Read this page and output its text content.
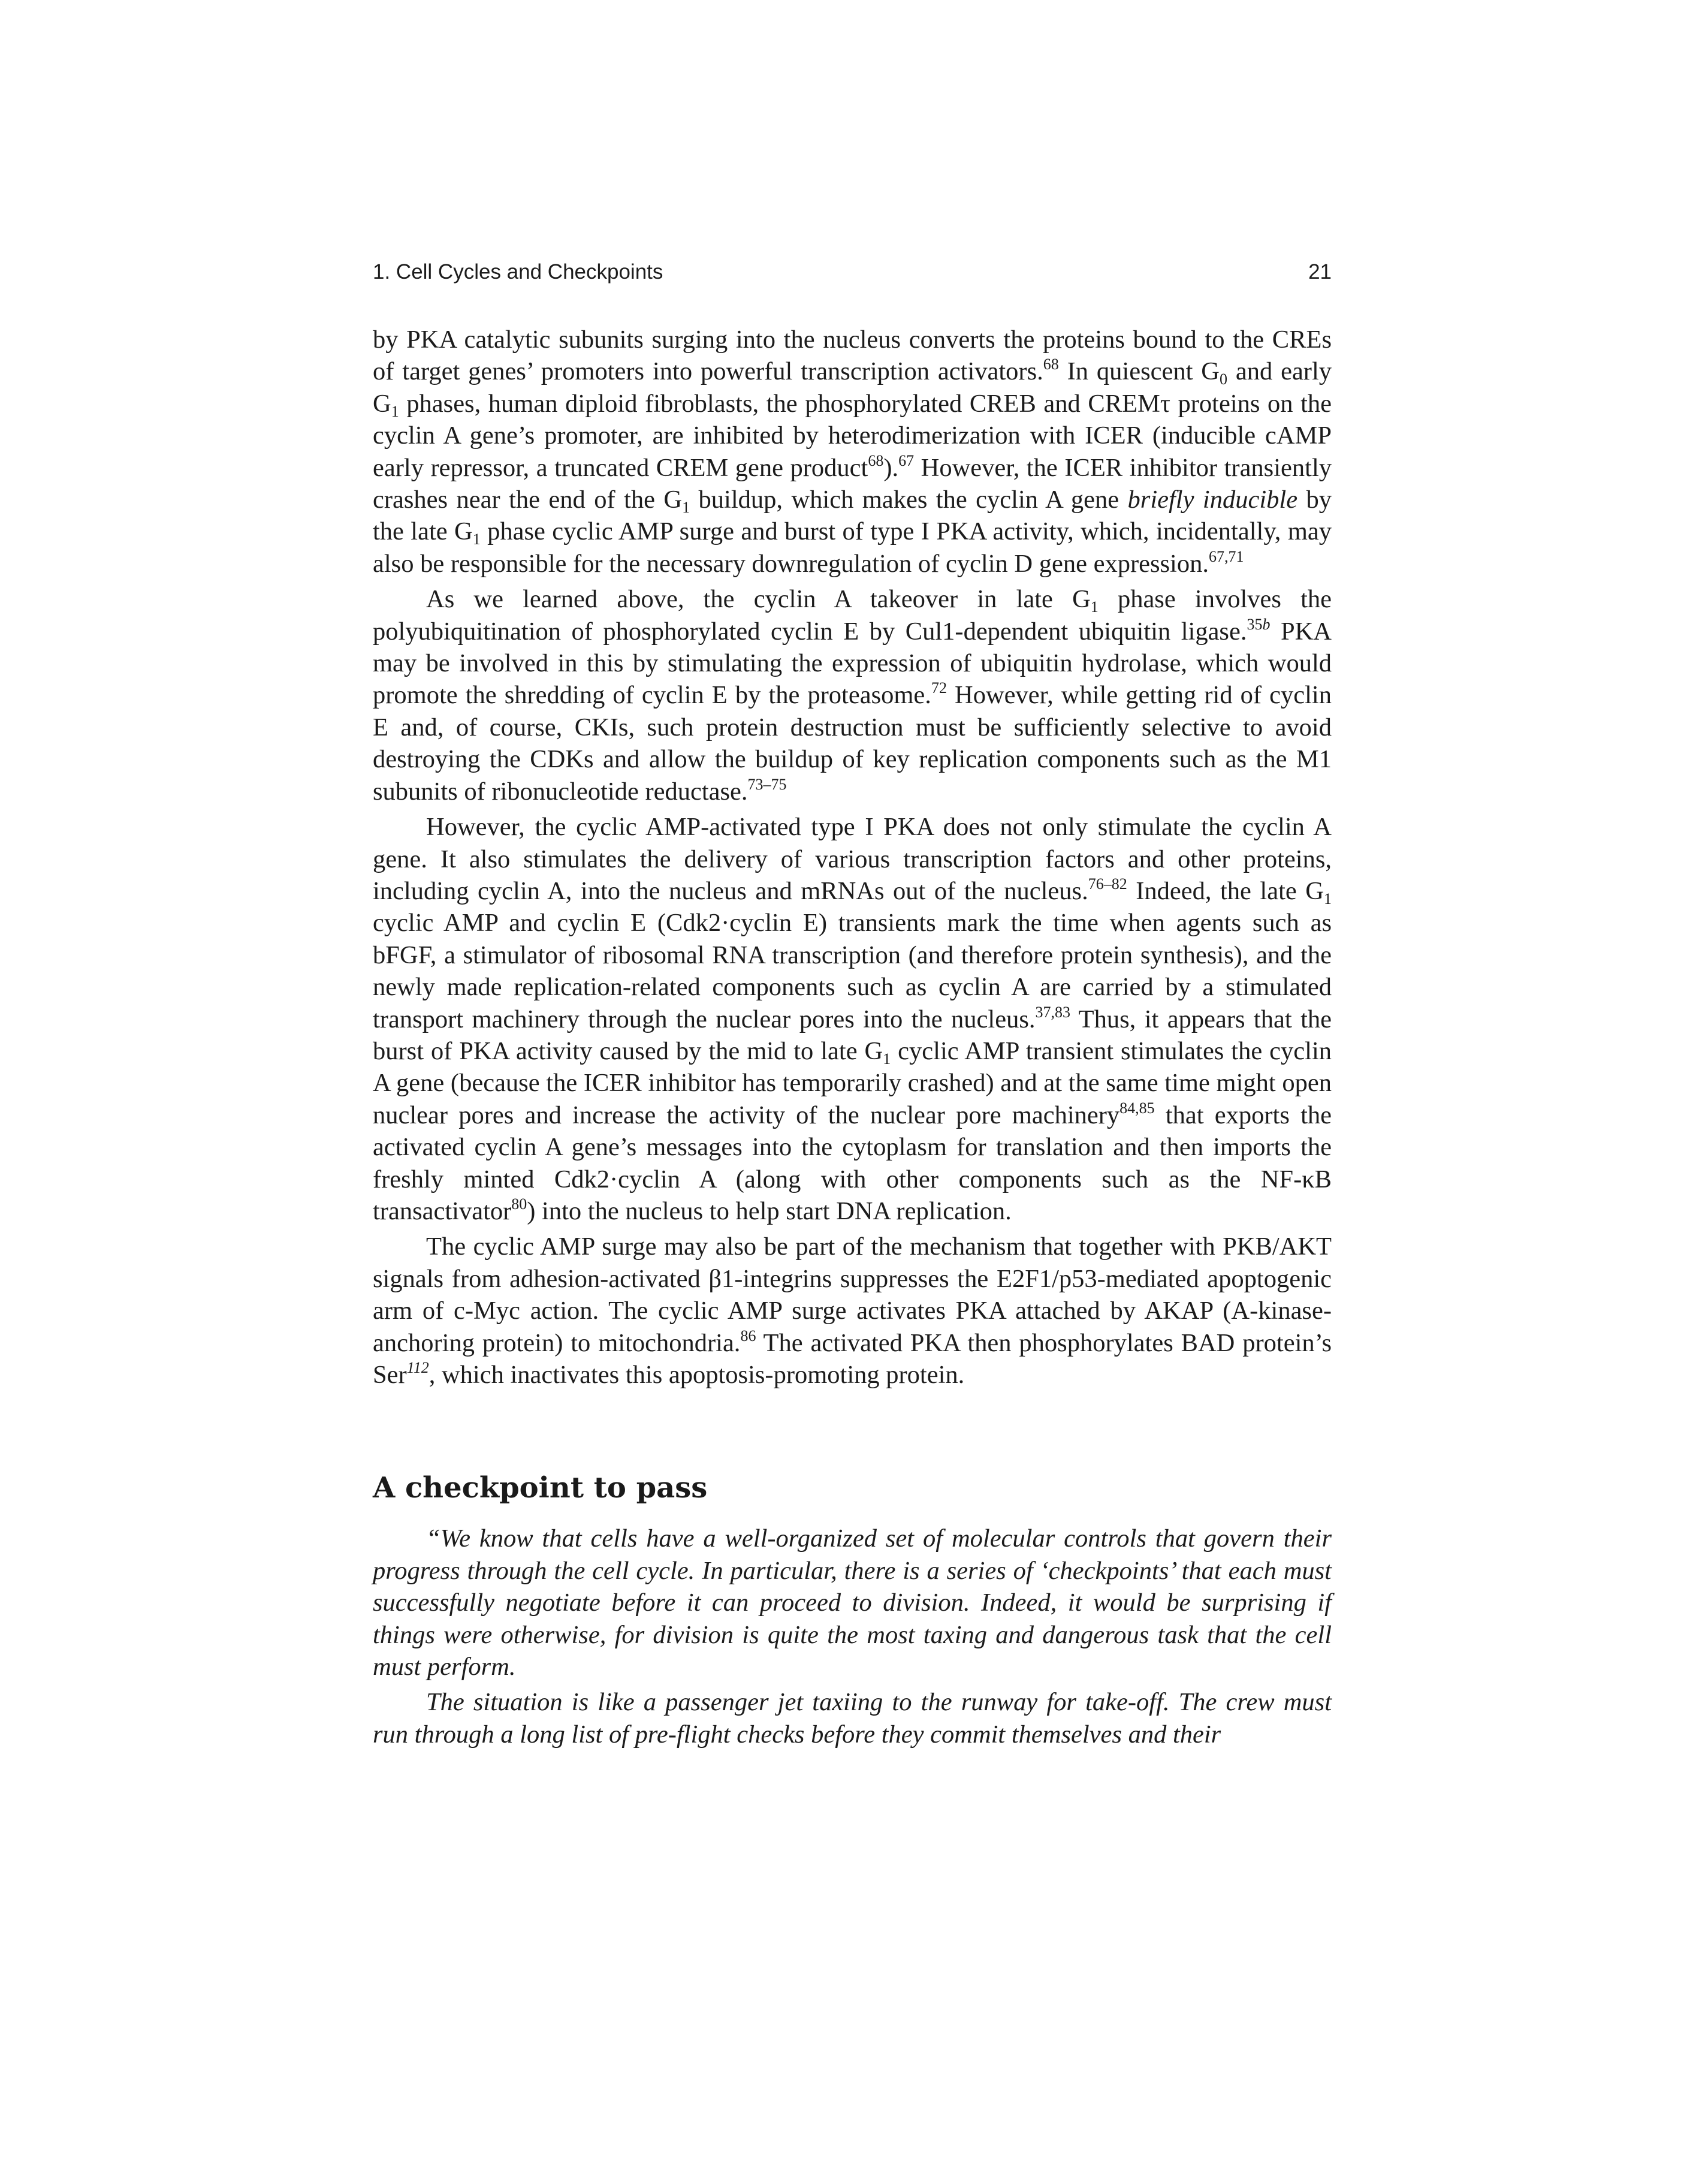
1. Cell Cycles and Checkpoints	21

by PKA catalytic subunits surging into the nucleus converts the proteins bound to the CREs of target genes’ promoters into powerful transcription activators.$^{68}$ In quiescent $G_0$ and early $G_1$ phases, human diploid fibroblasts, the phosphorylated CREB and CREMτ proteins on the cyclin A gene’s promoter, are inhibited by heterodimerization with ICER (inducible cAMP early repressor, a truncated CREM gene product$^{68}$).$^{67}$ However, the ICER inhibitor transiently crashes near the end of the $G_1$ buildup, which makes the cyclin A gene briefly inducible by the late $G_1$ phase cyclic AMP surge and burst of type I PKA activity, which, incidentally, may also be responsible for the necessary downregulation of cyclin D gene expression.$^{67,71}$

As we learned above, the cyclin A takeover in late $G_1$ phase involves the polyubiquitination of phosphorylated cyclin E by Cul1-dependent ubiquitin ligase.$^{35b}$ PKA may be involved in this by stimulating the expression of ubiquitin hydrolase, which would promote the shredding of cyclin E by the proteasome.$^{72}$ However, while getting rid of cyclin E and, of course, CKIs, such protein destruction must be sufficiently selective to avoid destroying the CDKs and allow the buildup of key replication components such as the M1 subunits of ribonucleotide reductase.$^{73-75}$

However, the cyclic AMP-activated type I PKA does not only stimulate the cyclin A gene. It also stimulates the delivery of various transcription factors and other proteins, including cyclin A, into the nucleus and mRNAs out of the nucleus.$^{76-82}$ Indeed, the late $G_1$ cyclic AMP and cyclin E (Cdk2·cyclin E) transients mark the time when agents such as bFGF, a stimulator of ribosomal RNA transcription (and therefore protein synthesis), and the newly made replication-related components such as cyclin A are carried by a stimulated transport machinery through the nuclear pores into the nucleus.$^{37,83}$ Thus, it appears that the burst of PKA activity caused by the mid to late $G_1$ cyclic AMP transient stimulates the cyclin A gene (because the ICER inhibitor has temporarily crashed) and at the same time might open nuclear pores and increase the activity of the nuclear pore machinery$^{84,85}$ that exports the activated cyclin A gene’s messages into the cytoplasm for translation and then imports the freshly minted Cdk2·cyclin A (along with other components such as the NF-κB transactivator$^{80}$) into the nucleus to help start DNA replication.

The cyclic AMP surge may also be part of the mechanism that together with PKB/AKT signals from adhesion-activated β1-integrins suppresses the E2F1/p53-mediated apoptogenic arm of c-Myc action. The cyclic AMP surge activates PKA attached by AKAP (A-kinase-anchoring protein) to mitochondria.$^{86}$ The activated PKA then phosphorylates BAD protein’s Ser$^{112}$, which inactivates this apoptosis-promoting protein.

A checkpoint to pass

“We know that cells have a well-organized set of molecular controls that govern their progress through the cell cycle. In particular, there is a series of ‘checkpoints’ that each must successfully negotiate before it can proceed to division. Indeed, it would be surprising if things were otherwise, for division is quite the most taxing and dangerous task that the cell must perform.

The situation is like a passenger jet taxiing to the runway for take-off. The crew must run through a long list of pre-flight checks before they commit themselves and their
